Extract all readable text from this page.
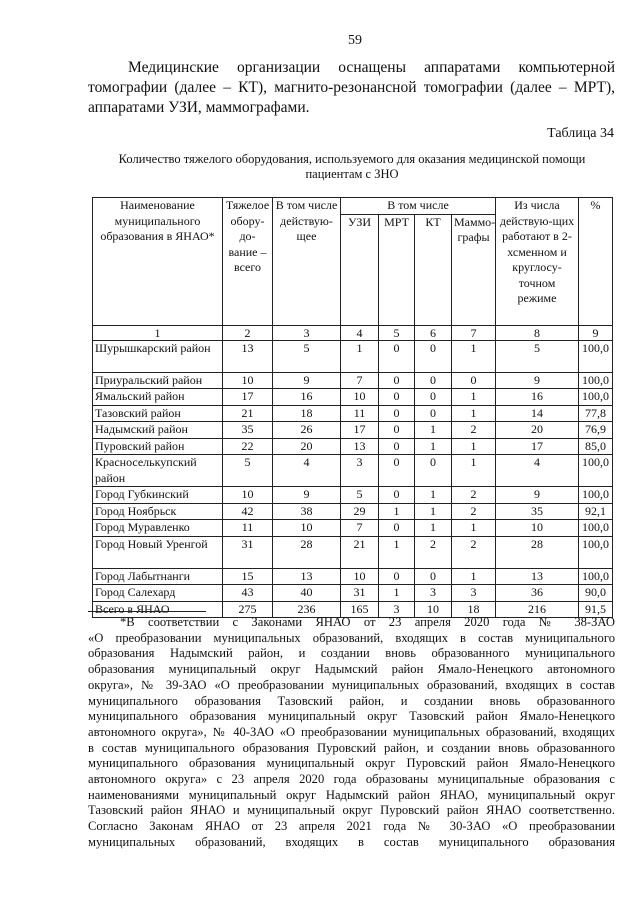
59
Медицинские организации оснащены аппаратами компьютерной
томографии (далее – КТ), магнито-резонансной томографии (далее – МРТ),
аппаратами УЗИ, маммографами.
Таблица 34
Количество тяжелого оборудования, используемого для оказания медицинской помощи
пациентам с ЗНО
Наименование муниципального образования в ЯНАО*	Тяжелое обору-до-вание – всего	В том числе действую-щее	В том числе				Из числа действую-щих работают в 2-хсменном и круглосу-точном режиме	%
			УЗИ	МРТ	КТ	Маммо-графы		
1	2	3	4	5	6	7	8	9
Шурышкарский район	13	5	1	0	0	1	5	100,0
Приуральский район	10	9	7	0	0	0	9	100,0
Ямальский район	17	16	10	0	0	1	16	100,0
Тазовский район	21	18	11	0	0	1	14	77,8
Надымский район	35	26	17	0	1	2	20	76,9
Пуровский район	22	20	13	0	1	1	17	85,0
Красноселькупский район	5	4	3	0	0	1	4	100,0
Город Губкинский	10	9	5	0	1	2	9	100,0
Город Ноябрьск	42	38	29	1	1	2	35	92,1
Город Муравленко	11	10	7	0	1	1	10	100,0
Город Новый Уренгой	31	28	21	1	2	2	28	100,0
Город Лабытнанги	15	13	10	0	0	1	13	100,0
Город Салехард	43	40	31	1	3	3	36	90,0
Всего в ЯНАО	275	236	165	3	10	18	216	91,5
*В соответствии с Законами ЯНАО от 23 апреля 2020 года № 38-ЗАО
«О преобразовании муниципальных образований, входящих в состав муниципального
образования Надымский район, и создании вновь образованного муниципального
образования муниципальный округ Надымский район Ямало-Ненецкого автономного
округа», № 39-ЗАО «О преобразовании муниципальных образований, входящих в состав
муниципального образования Тазовский район, и создании вновь образованного
муниципального образования муниципальный округ Тазовский район Ямало-Ненецкого
автономного округа», № 40-ЗАО «О преобразовании муниципальных образований, входящих
в состав муниципального образования Пуровский район, и создании вновь образованного
муниципального образования муниципальный округ Пуровский район Ямало-Ненецкого
автономного округа» с 23 апреля 2020 года образованы муниципальные образования с
наименованиями муниципальный округ Надымский район ЯНАО, муниципальный округ
Тазовский район ЯНАО и муниципальный округ Пуровский район ЯНАО соответственно.
Согласно Законам ЯНАО от 23 апреля 2021 года № 30-ЗАО «О преобразовании
муниципальных образований, входящих в состав муниципального образования
